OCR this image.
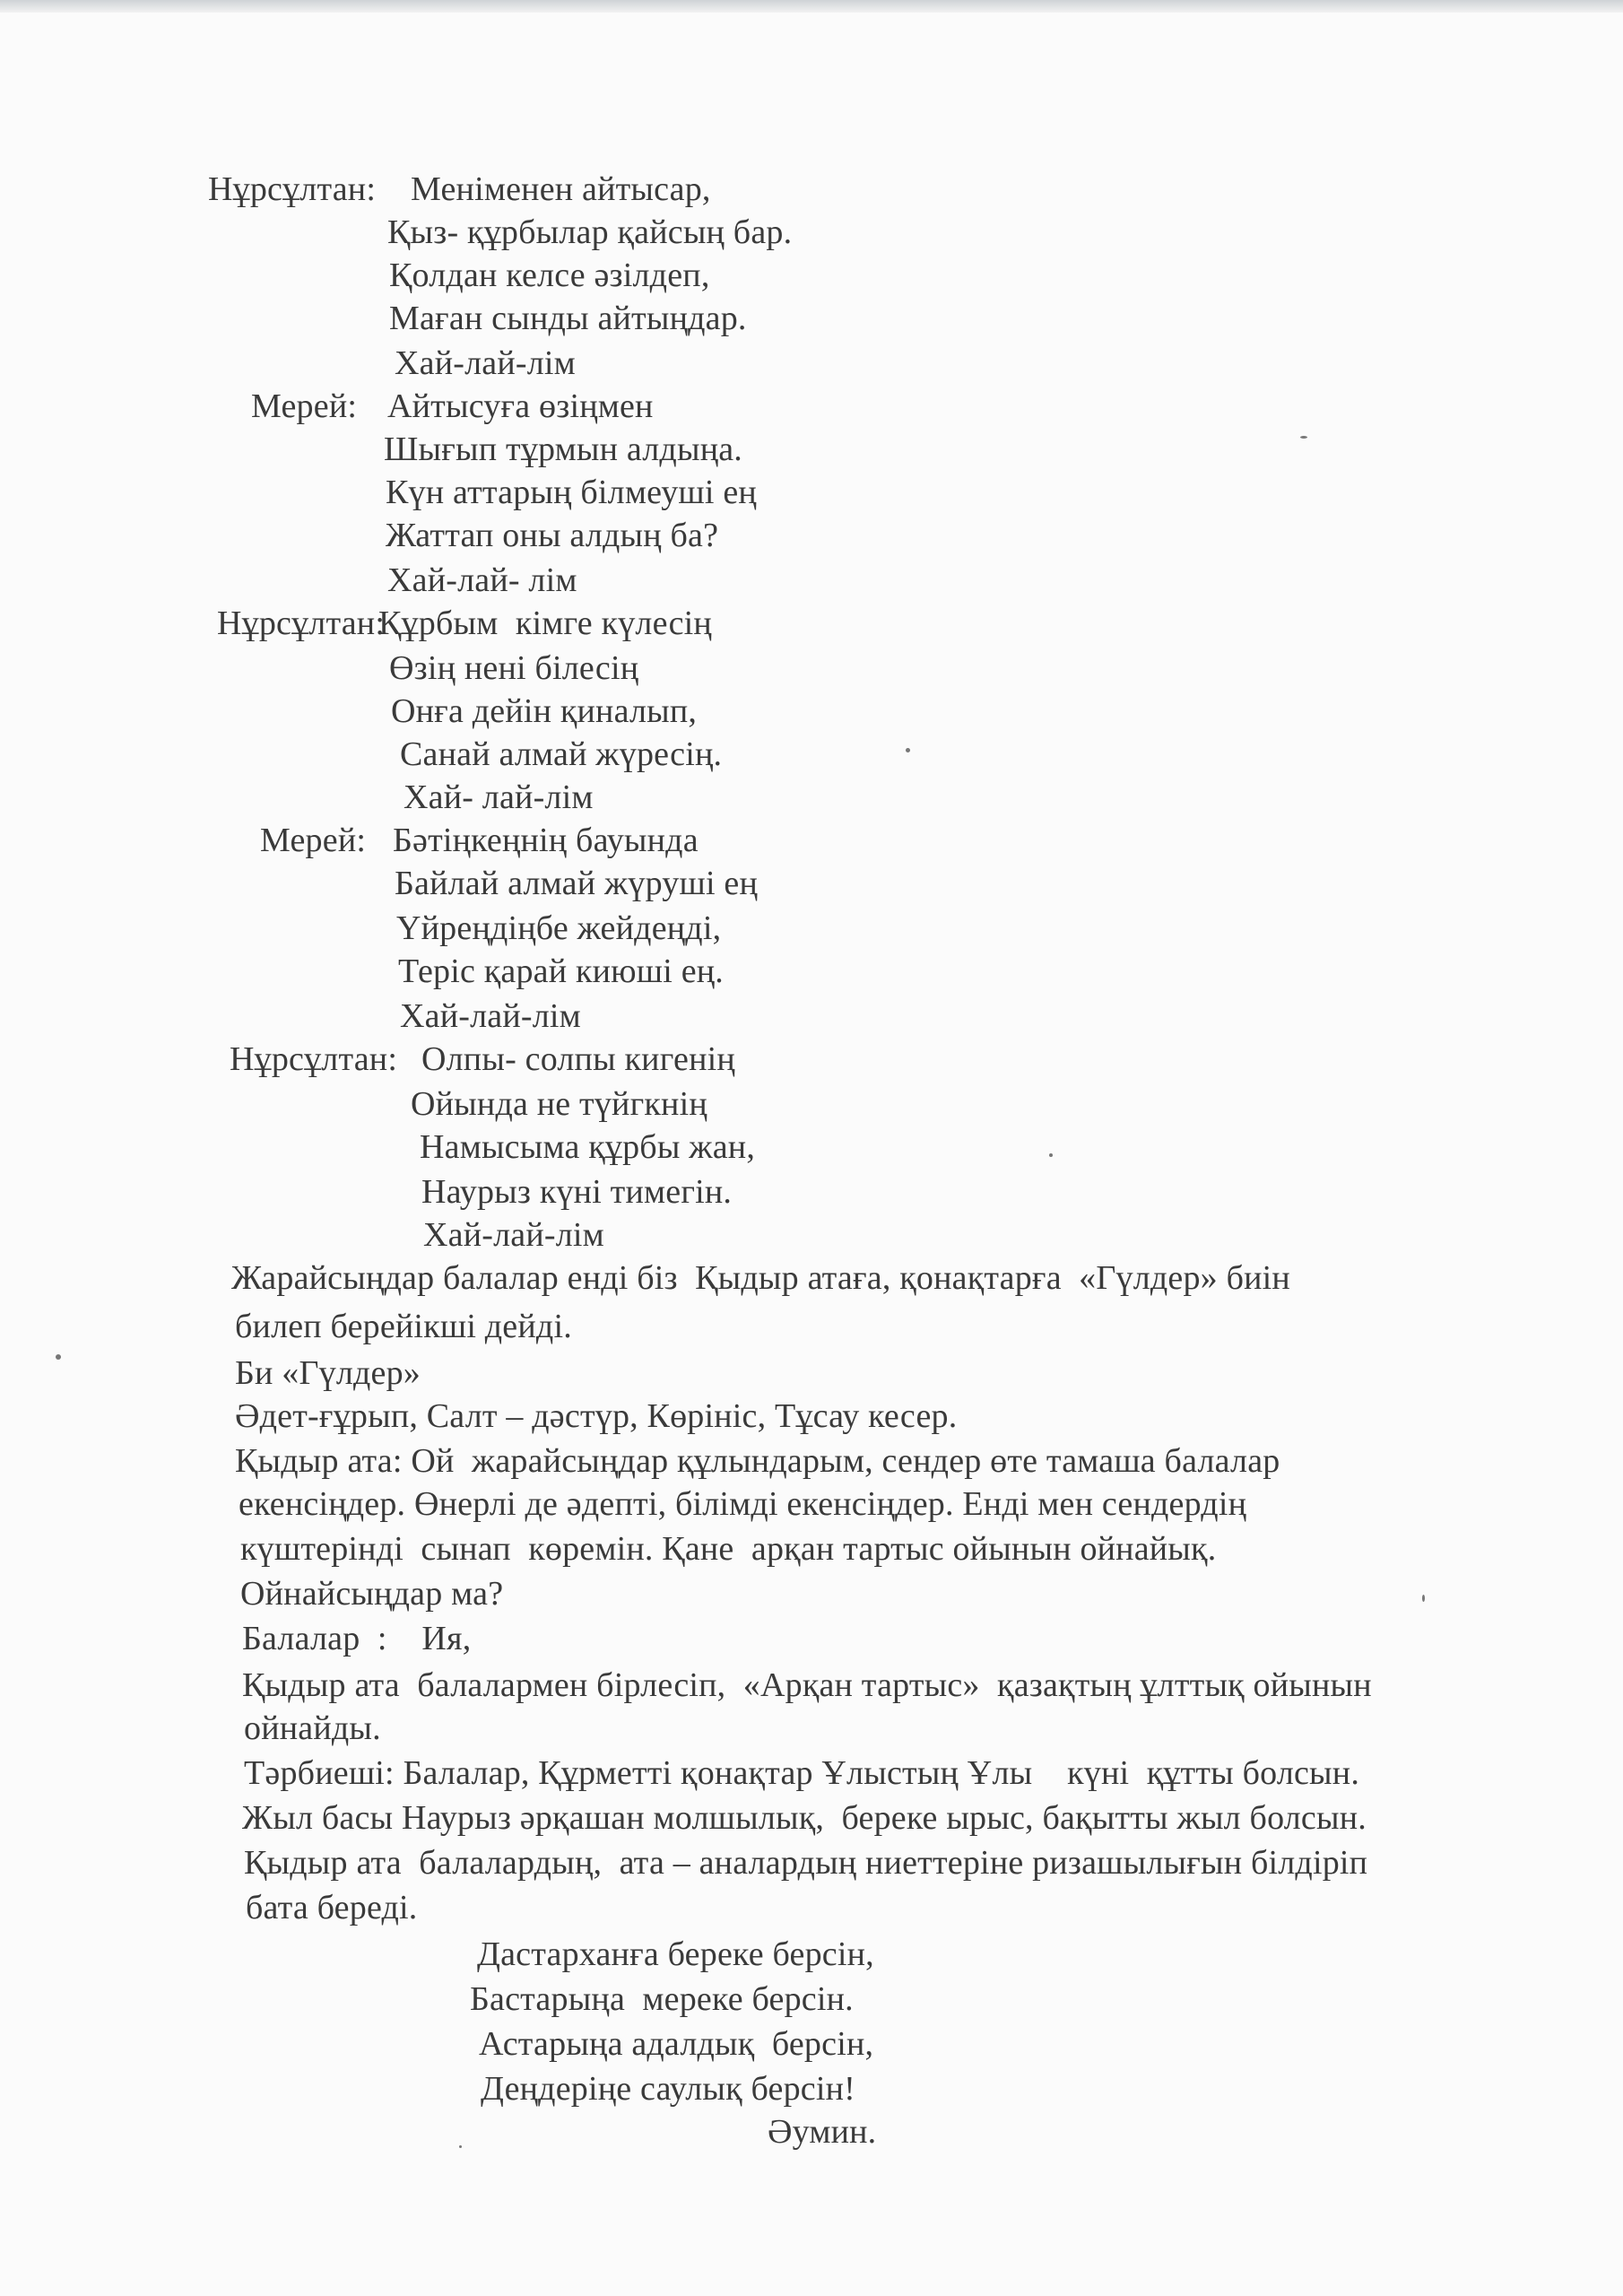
Нұрсұлтан: Меніменен айтысар,
Қыз- құрбылар қайсың бар.
Қолдан келсе әзілдеп,
Маған сынды айтыңдар.
Хай-лай-лім
Мерей: Айтысуға өзіңмен
Шығып тұрмын алдыңа.
Күн аттарың білмеуші ең
Жаттап оны алдың ба?
Хай-лай- лім
Нұрсұлтан:
Құрбым  кімге күлесің
Өзің нені білесің
Онға дейін қиналып,
Санай алмай жүресің.
Хай- лай-лім
Мерей: Бәтіңкеңнің бауында
Байлай алмай жүруші ең
Үйреңдіңбе жейдеңді,
Теріс қарай киюші ең.
Хай-лай-лім
Нұрсұлтан: Олпы- солпы кигенің
Ойында не түйгкнің
Намысыма құрбы жан,
Наурыз күні тимегін.
Хай-лай-лім
Жарайсыңдар балалар енді біз  Қыдыр атаға, қонақтарға  «Гүлдер» биін
билеп берейікші дейді.
Би «Гүлдер»
Әдет-ғұрып, Салт – дәстүр, Көрініс, Тұсау кесер.
Қыдыр ата: Ой  жарайсыңдар құлындарым, сендер өте тамаша балалар
екенсіңдер. Өнерлі де әдепті, білімді екенсіңдер. Енді мен сендердің
күштерінді  сынап  көремін. Қане  арқан тартыс ойынын ойнайық.
Ойнайсыңдар ма?
Балалар  :    Ия,
Қыдыр ата  балалармен бірлесіп,  «Арқан тартыс»  қазақтың ұлттық ойынын
ойнайды.
Тәрбиеші: Балалар, Құрметті қонақтар Ұлыстың Ұлы    күні  құтты болсын.
Жыл басы Наурыз әрқашан молшылық,  береке ырыс, бақытты жыл болсын.
Қыдыр ата  балалардың,  ата – аналардың ниеттеріне ризашылығын білдіріп
бата береді.
Дастарханға береке берсін,
Бастарыңа  мереке берсін.
Астарыңа адалдық  берсін,
Деңдеріңе саулық берсін!
Әумин.
